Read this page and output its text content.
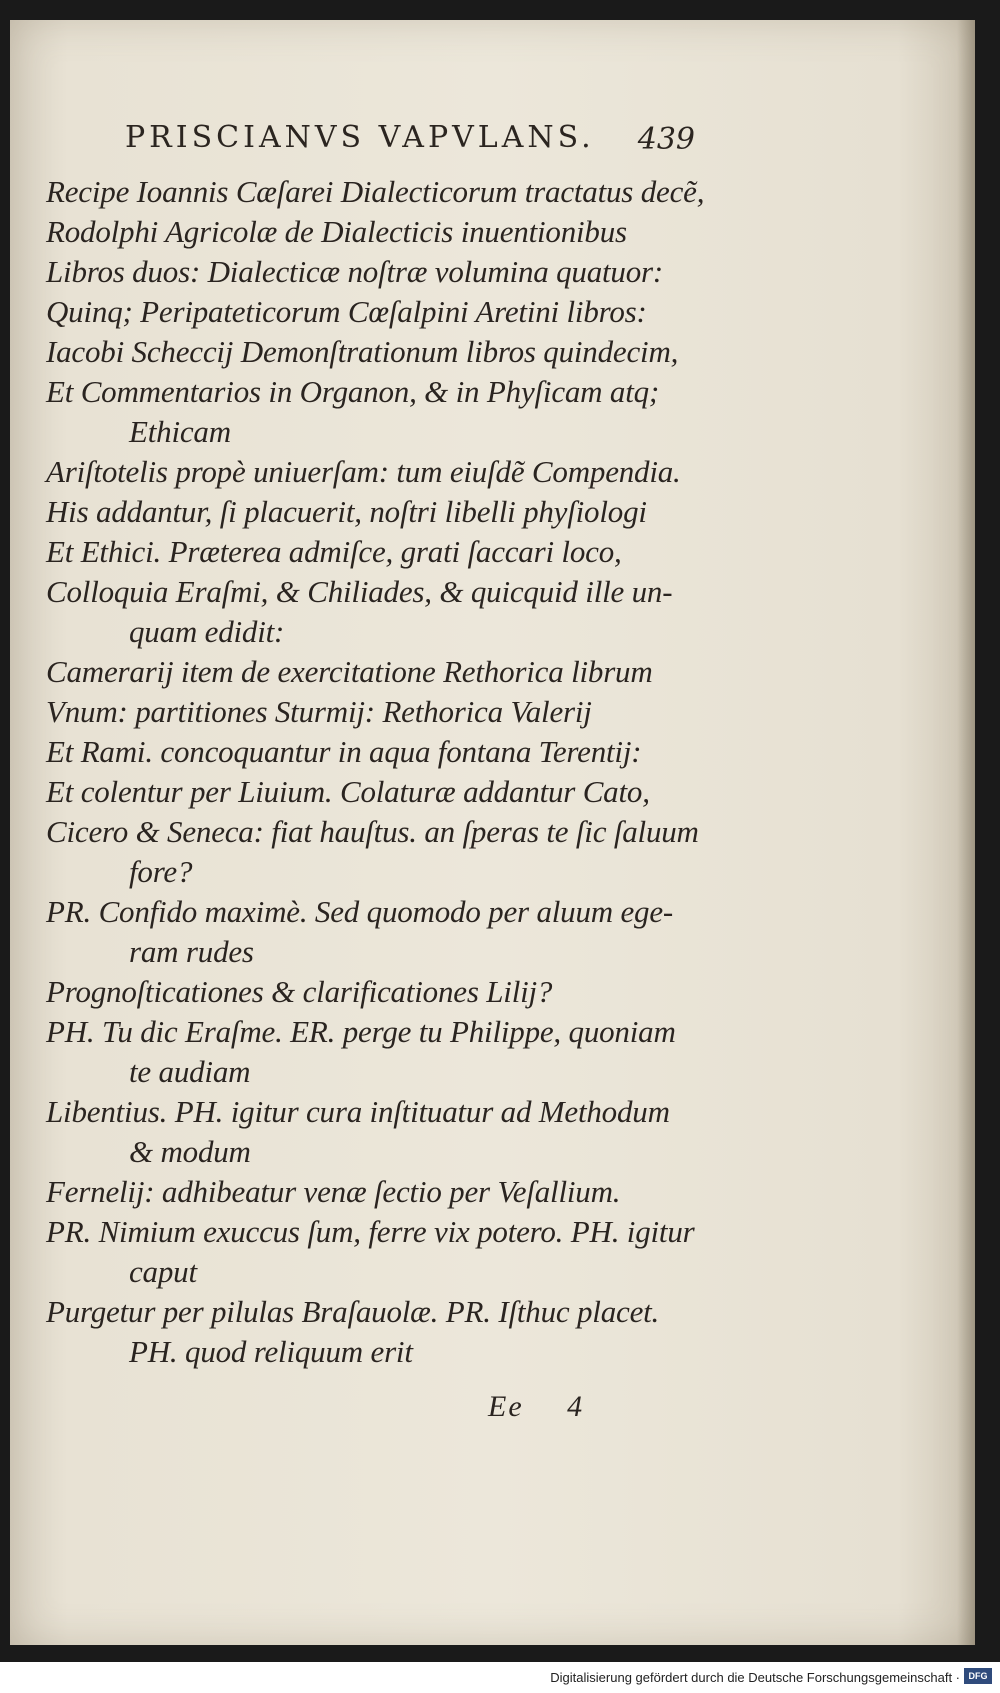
PRISCIANVS VAPVLANS. 439
Recipe Ioannis Cæſarei Dialecticorum tractatus decẽ,
Rodolphi Agricolæ de Dialecticis inuentionibus
Libros duos: Dialecticæ noſtræ volumina quatuor:
Quinq; Peripateticorum Cœſalpini Aretini libros:
Iacobi Scheccij Demonſtrationum libros quindecim,
Et Commentarios in Organon, & in Phyſicam atq;
Ethicam
Ariſtotelis propè uniuerſam: tum eiuſdẽ Compendia.
His addantur, ſi placuerit, noſtri libelli phyſiologi
Et Ethici. Præterea admiſce, grati ſaccari loco,
Colloquia Eraſmi, & Chiliades, & quicquid ille un-
quam edidit:
Camerarij item de exercitatione Rethorica librum
Vnum: partitiones Sturmij: Rethorica Valerij
Et Rami. concoquantur in aqua fontana Terentij:
Et colentur per Liuium. Colaturæ addantur Cato,
Cicero & Seneca: fiat hauſtus. an ſperas te ſic ſaluum
fore?
PR. Confido maximè. Sed quomodo per aluum ege-
ram rudes
Prognoſticationes & clarificationes Lilij?
PH. Tu dic Eraſme. ER. perge tu Philippe, quoniam
te audiam
Libentius. PH. igitur cura inſtituatur ad Methodum
& modum
Fernelij: adhibeatur venæ ſectio per Veſallium.
PR. Nimium exuccus ſum, ferre vix potero. PH. igitur
caput
Purgetur per pilulas Braſauolæ. PR. Iſthuc placet.
PH. quod reliquum erit
Ee 4
Digitalisierung gefördert durch die Deutsche Forschungsgemeinschaft · DFG
